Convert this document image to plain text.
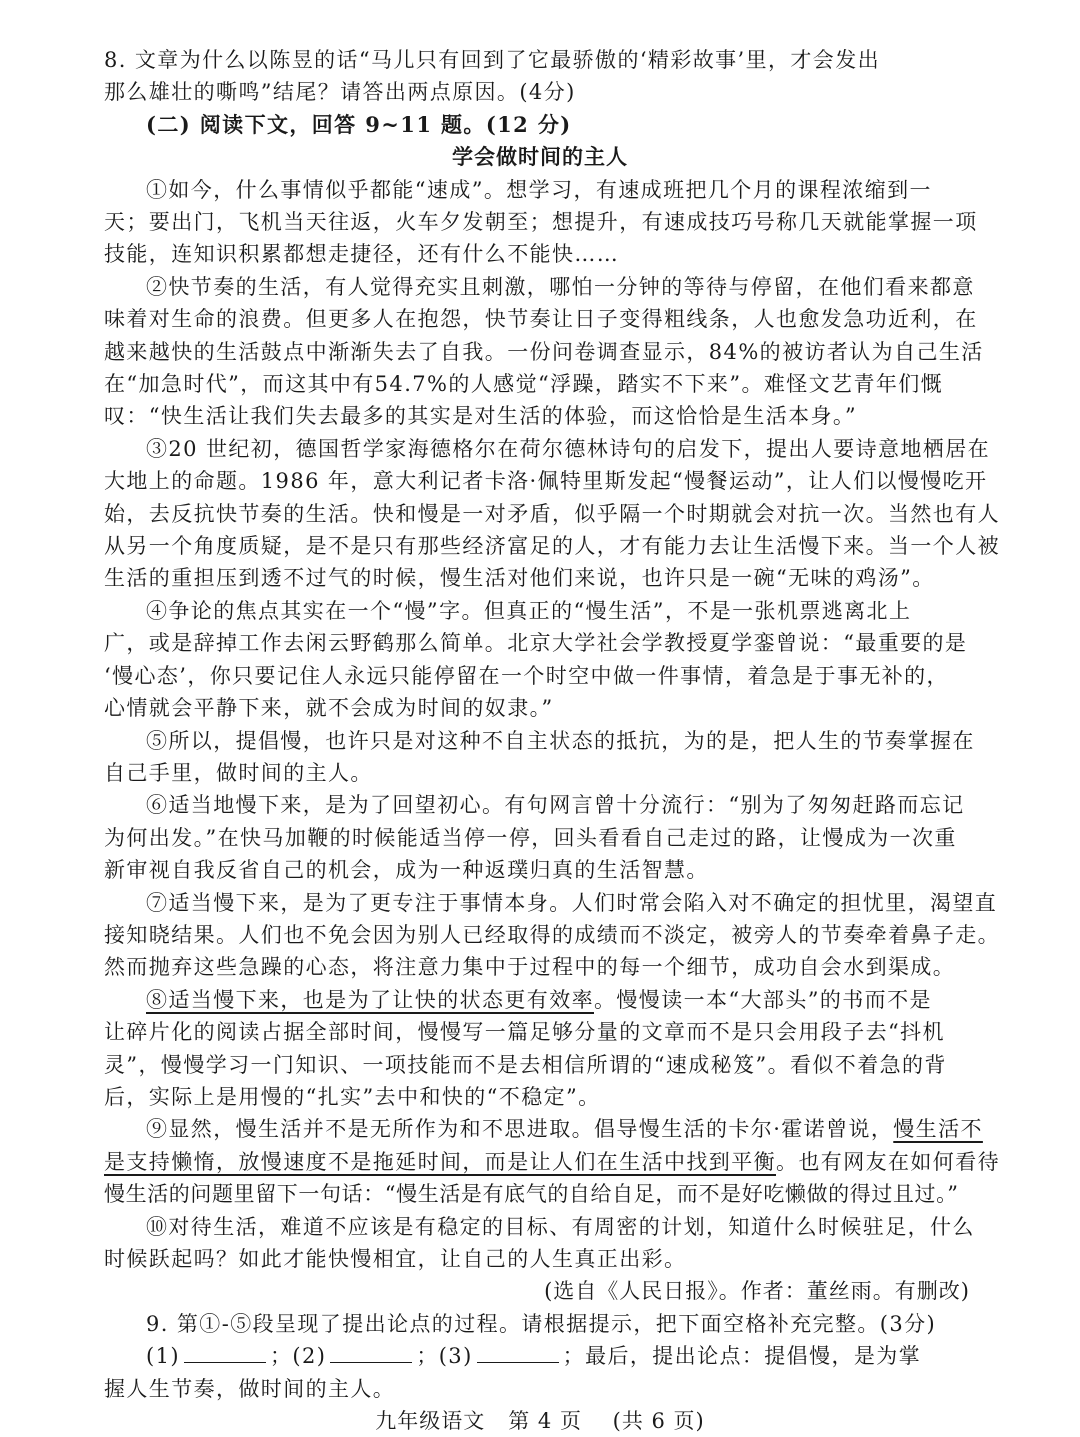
8. 文章为什么以陈昱的话“马儿只有回到了它最骄傲的‘精彩故事’里，才会发出
那么雄壮的嘶鸣”结尾？请答出两点原因。(4分)
(二) 阅读下文，回答 9~11 题。(12 分)
学会做时间的主人
①如今，什么事情似乎都能“速成”。想学习，有速成班把几个月的课程浓缩到一
天；要出门，飞机当天往返，火车夕发朝至；想提升，有速成技巧号称几天就能掌握一项
技能，连知识积累都想走捷径，还有什么不能快……
②快节奏的生活，有人觉得充实且刺激，哪怕一分钟的等待与停留，在他们看来都意
味着对生命的浪费。但更多人在抱怨，快节奏让日子变得粗线条，人也愈发急功近利，在
越来越快的生活鼓点中渐渐失去了自我。一份问卷调查显示，84%的被访者认为自己生活
在“加急时代”，而这其中有54.7%的人感觉“浮躁，踏实不下来”。难怪文艺青年们慨
叹：“快生活让我们失去最多的其实是对生活的体验，而这恰恰是生活本身。”
③20 世纪初，德国哲学家海德格尔在荷尔德林诗句的启发下，提出人要诗意地栖居在
大地上的命题。1986 年，意大利记者卡洛·佩特里斯发起“慢餐运动”，让人们以慢慢吃开
始，去反抗快节奏的生活。快和慢是一对矛盾，似乎隔一个时期就会对抗一次。当然也有人
从另一个角度质疑，是不是只有那些经济富足的人，才有能力去让生活慢下来。当一个人被
生活的重担压到透不过气的时候，慢生活对他们来说，也许只是一碗“无味的鸡汤”。
④争论的焦点其实在一个“慢”字。但真正的“慢生活”，不是一张机票逃离北上
广，或是辞掉工作去闲云野鹤那么简单。北京大学社会学教授夏学銮曾说：“最重要的是
‘慢心态’，你只要记住人永远只能停留在一个时空中做一件事情，着急是于事无补的，
心情就会平静下来，就不会成为时间的奴隶。”
⑤所以，提倡慢，也许只是对这种不自主状态的抵抗，为的是，把人生的节奏掌握在
自己手里，做时间的主人。
⑥适当地慢下来，是为了回望初心。有句网言曾十分流行：“别为了匆匆赶路而忘记
为何出发。”在快马加鞭的时候能适当停一停，回头看看自己走过的路，让慢成为一次重
新审视自我反省自己的机会，成为一种返璞归真的生活智慧。
⑦适当慢下来，是为了更专注于事情本身。人们时常会陷入对不确定的担忧里，渴望直
接知晓结果。人们也不免会因为别人已经取得的成绩而不淡定，被旁人的节奏牵着鼻子走。
然而抛弃这些急躁的心态，将注意力集中于过程中的每一个细节，成功自会水到渠成。
⑧适当慢下来，也是为了让快的状态更有效率。慢慢读一本“大部头”的书而不是
让碎片化的阅读占据全部时间，慢慢写一篇足够分量的文章而不是只会用段子去“抖机
灵”，慢慢学习一门知识、一项技能而不是去相信所谓的“速成秘笈”。看似不着急的背
后，实际上是用慢的“扎实”去中和快的“不稳定”。
⑨显然，慢生活并不是无所作为和不思进取。倡导慢生活的卡尔·霍诺曾说，慢生活不
是支持懒惰，放慢速度不是拖延时间，而是让人们在生活中找到平衡。也有网友在如何看待
慢生活的问题里留下一句话：“慢生活是有底气的自给自足，而不是好吃懒做的得过且过。”
⑩对待生活，难道不应该是有稳定的目标、有周密的计划，知道什么时候驻足，什么
时候跃起吗？如此才能快慢相宜，让自己的人生真正出彩。
(选自《人民日报》。作者：董丝雨。有删改)
9. 第①-⑤段呈现了提出论点的过程。请根据提示，把下面空格补充完整。(3分)
(1)	；(2)	；(3)	；最后，提出论点：提倡慢，是为掌
握人生节奏，做时间的主人。
九年级语文   第 4 页    (共 6 页)
